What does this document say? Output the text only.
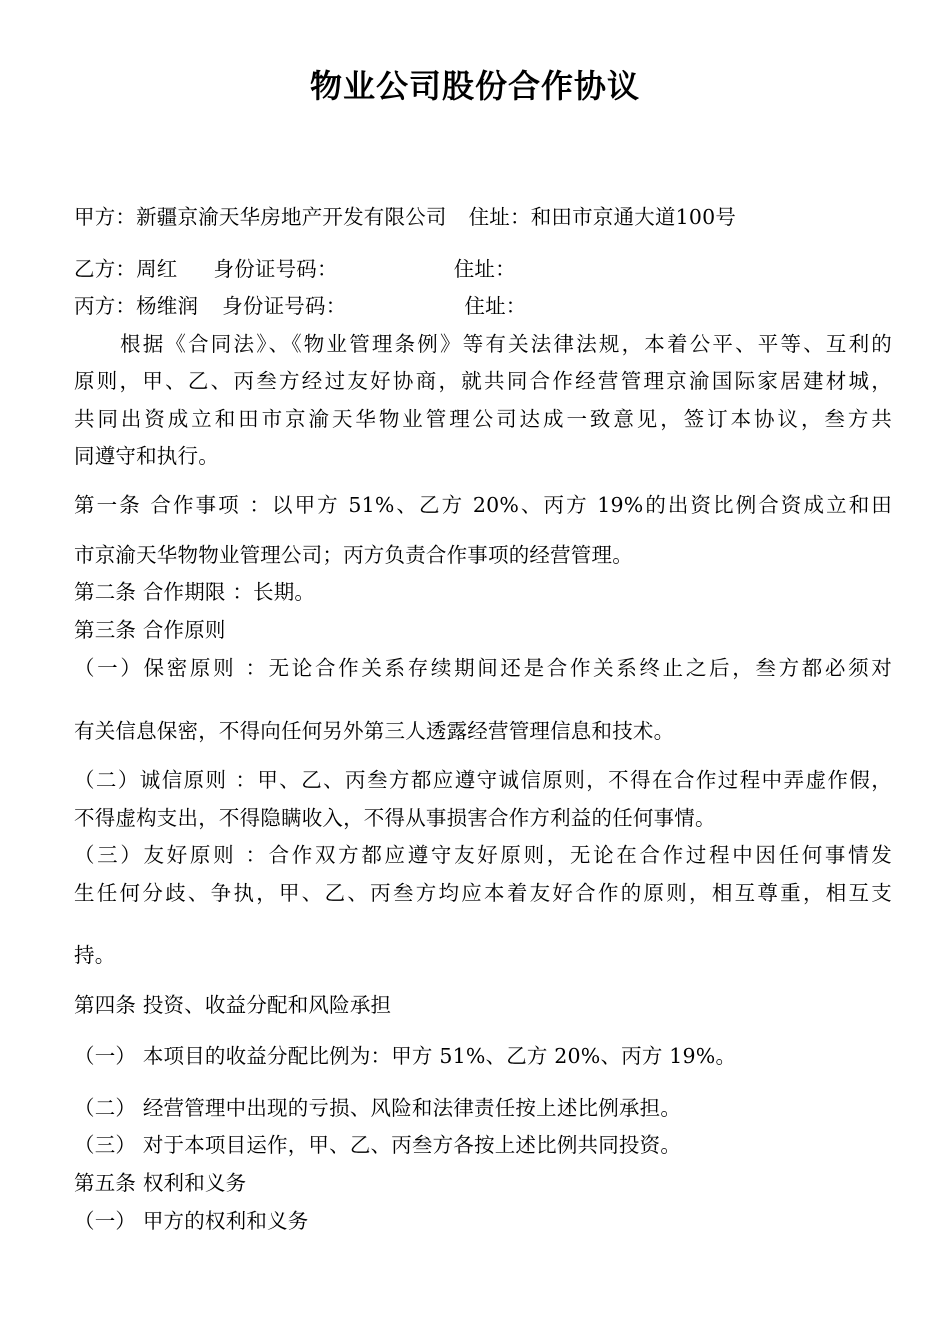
物业公司股份合作协议
甲方：新疆京渝天华房地产开发有限公司 住址：和田市京通大道100号
乙方：周红 身份证号码：	住址：
丙方：杨维润 身份证号码：	住址：
根据《合同法》、《物业管理条例》等有关法律法规，本着公平、平等、互利的
原则，甲、乙、丙叁方经过友好协商，就共同合作经营管理京渝国际家居建材城，
共同出资成立和田市京渝天华物业管理公司达成一致意见，签订本协议，叁方共
同遵守和执行。
第一条 合作事项 ：以甲方 51%、乙方 20%、丙方 19%的出资比例合资成立和田
市京渝天华物物业管理公司；丙方负责合作事项的经营管理。
第二条 合作期限 ：长期。
第三条 合作原则
（一）保密原则 ：无论合作关系存续期间还是合作关系终止之后，叁方都必须对
有关信息保密，不得向任何另外第三人透露经营管理信息和技术。
（二）诚信原则 ：甲、乙、丙叁方都应遵守诚信原则，不得在合作过程中弄虚作假，
不得虚构支出，不得隐瞒收入，不得从事损害合作方利益的任何事情。
（三）友好原则 ：合作双方都应遵守友好原则，无论在合作过程中因任何事情发
生任何分歧、争执，甲、乙、丙叁方均应本着友好合作的原则，相互尊重，相互支
持。
第四条 投资、收益分配和风险承担
（一） 本项目的收益分配比例为：甲方 51%、乙方 20%、丙方 19%。
（二） 经营管理中出现的亏损、风险和法律责任按上述比例承担。
（三） 对于本项目运作，甲、乙、丙叁方各按上述比例共同投资。
第五条 权利和义务
（一） 甲方的权利和义务
